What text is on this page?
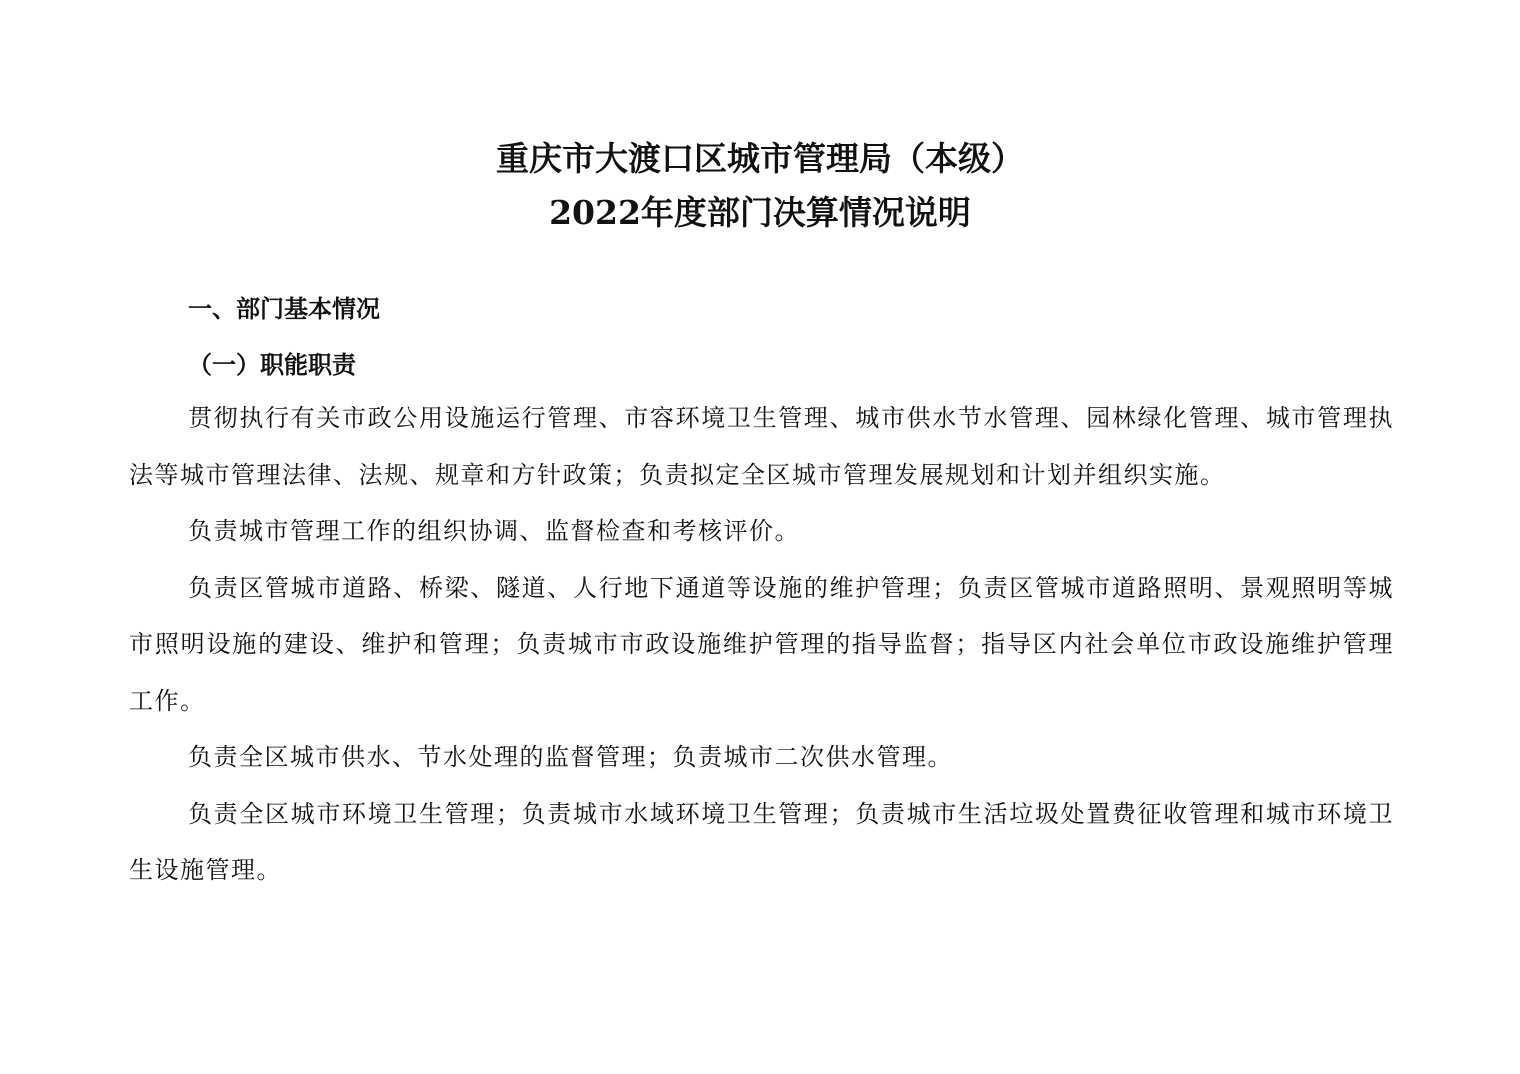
重庆市大渡口区城市管理局（本级）
2022年度部门决算情况说明
一、部门基本情况
（一）职能职责

贯彻执行有关市政公用设施运行管理、市容环境卫生管理、城市供水节水管理、园林绿化管理、城市管理执法等城市管理法律、法规、规章和方针政策；负责拟定全区城市管理发展规划和计划并组织实施。

负责城市管理工作的组织协调、监督检查和考核评价。

负责区管城市道路、桥梁、隧道、人行地下通道等设施的维护管理；负责区管城市道路照明、景观照明等城市照明设施的建设、维护和管理；负责城市市政设施维护管理的指导监督；指导区内社会单位市政设施维护管理工作。

负责全区城市供水、节水处理的监督管理；负责城市二次供水管理。

负责全区城市环境卫生管理；负责城市水域环境卫生管理；负责城市生活垃圾处置费征收管理和城市环境卫生设施管理。
